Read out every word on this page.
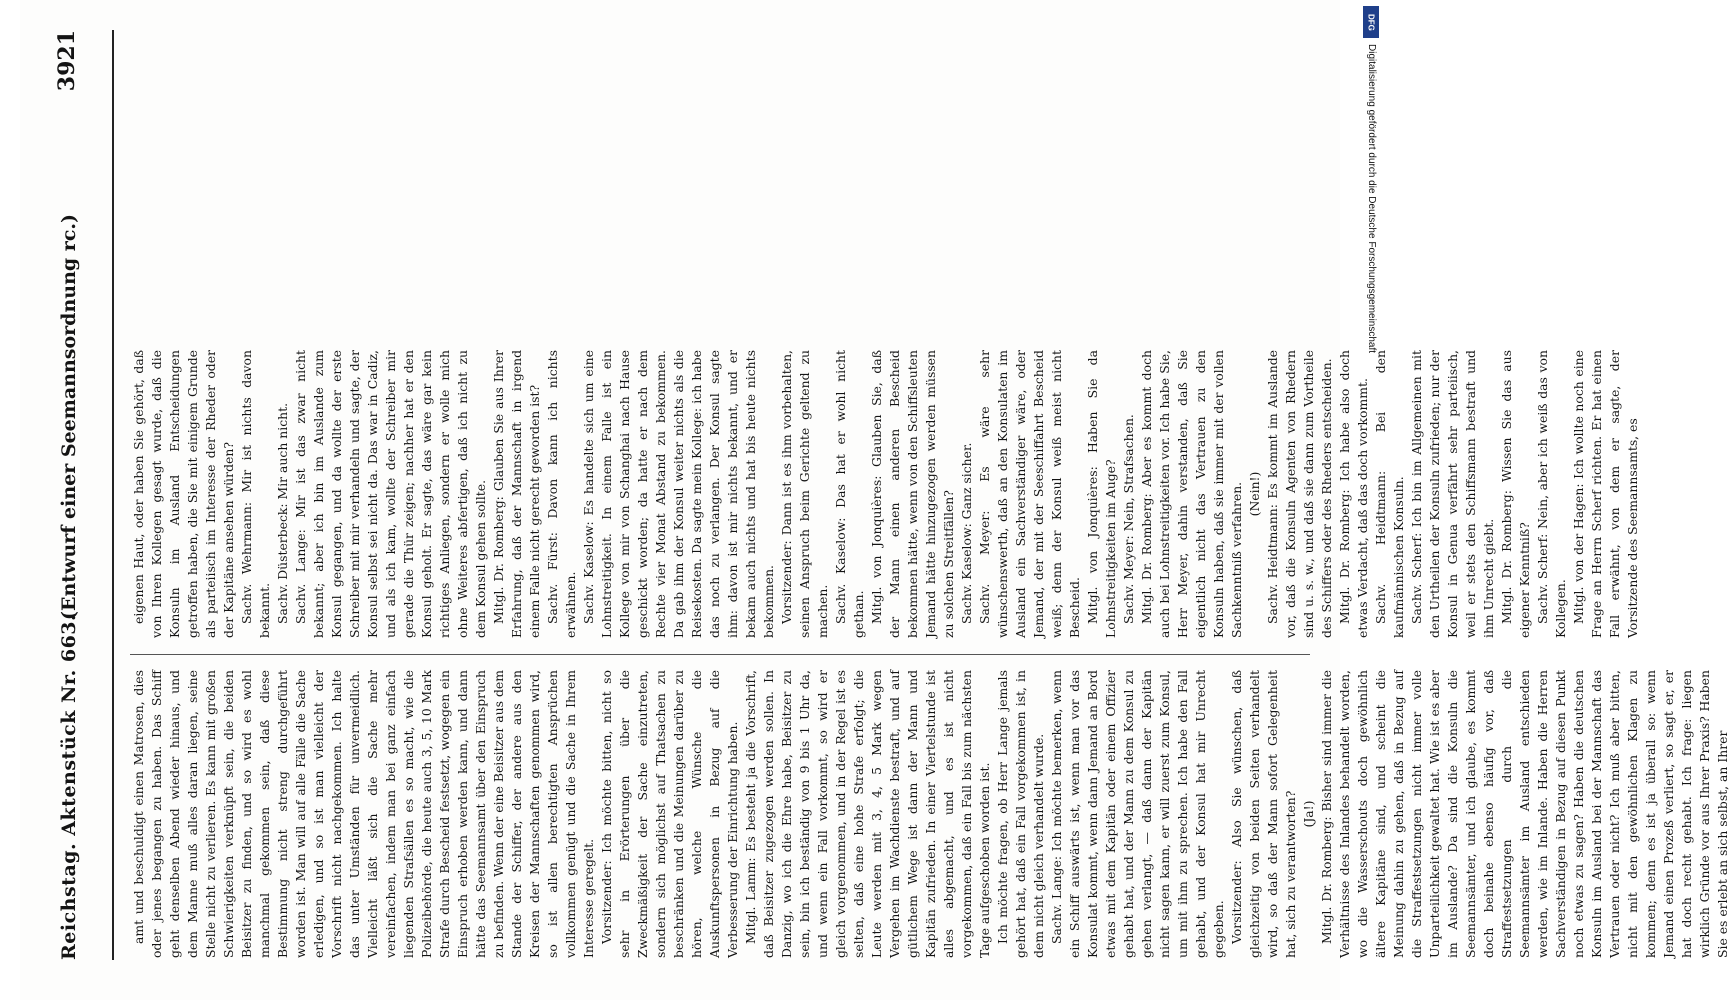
Reichstag. Aktenstück Nr. 663.
(Entwurf einer Seemannsordnung rc.)
3921

amt und beschuldigt einen Matrosen, dies oder jenes begangen zu haben. Das Schiff geht denselben Abend wieder hinaus, und dem Manne muß alles daran liegen, seine Stelle nicht zu verlieren. Es kann mit großen Schwierigkeiten verknüpft sein, die beiden Beisitzer zu finden, und so wird es wohl manchmal gekommen sein, daß diese Bestimmung nicht streng durchgeführt worden ist. Man will auf alle Fälle die Sache erledigen, und so ist man vielleicht der Vorschrift nicht nachgekommen. Ich halte das unter Umständen für unvermeidlich. Vielleicht läßt sich die Sache mehr vereinfachen, indem man bei ganz einfach liegenden Strafsällen es so macht, wie die Polizeibehörde, die heute auch 3, 5, 10 Mark Strafe durch Bescheid festsetzt, wogegen ein Einspruch erhoben werden kann, und dann hätte das Seemannsamt über den Einspruch zu befinden. Wenn der eine Beisitzer aus dem Stande der Schiffer, der andere aus den Kreisen der Mannschaften genommen wird, so ist allen berechtigten Ansprüchen vollkommen genügt und die Sache in Ihrem Interesse geregelt. Vorsitzender: Ich möchte bitten, nicht so sehr in Erörterungen über die Zweckmäßigkeit der Sache einzutreten, sondern sich möglichst auf Thatsachen zu beschränken und die Meinungen darüber zu hören, welche Wünsche die Auskunftspersonen in Bezug auf die Verbesserung der Einrichtung haben. Mitgl. Lamm: Es besteht ja die Vorschrift, daß Beisitzer zugezogen werden sollen. In Danzig, wo ich die Ehre habe, Beisitzer zu sein, bin ich beständig von 9 bis 1 Uhr da, und wenn ein Fall vorkommt, so wird er gleich vorgenommen, und in der Regel ist es selten, daß eine hohe Strafe erfolgt; die Leute werden mit 3, 4, 5 Mark wegen Vergehen im Wachdienste bestraft, und auf gütlichem Wege ist dann der Mann und Kapitän zufrieden. In einer Viertelstunde ist alles abgemacht, und es ist nicht vorgekommen, daß ein Fall bis zum nächsten Tage aufgeschoben worden ist. Ich möchte fragen, ob Herr Lange jemals gehört hat, daß ein Fall vorgekommen ist, in dem nicht gleich verhandelt wurde. Sachv. Lange: Ich möchte bemerken, wenn ein Schiff auswärts ist, wenn man vor das Konsulat kommt, wenn dann Jemand an Bord etwas mit dem Kapitän oder einem Offizier gehabt hat, und der Mann zu dem Konsul zu gehen verlangt, — daß dann der Kapitän nicht sagen kann, er will zuerst zum Konsul, um mit ihm zu sprechen. Ich habe den Fall gehabt, und der Konsul hat mir Unrecht gegeben. Vorsitzender: Also Sie wünschen, daß gleichzeitig von beiden Seiten verhandelt wird, so daß der Mann sofort Gelegenheit hat, sich zu verantworten? (Ja!) Mitgl. Dr. Romberg: Bisher sind immer die Verhältnisse des Inlandes behandelt worden, wo die Wasserschouts doch gewöhnlich ältere Kapitäne sind, und scheint die Meinung dahin zu gehen, daß in Bezug auf die Straffestsetzungen nicht immer volle Unparteilichkeit gewaltet hat. Wie ist es aber im Auslande? Da sind die Konsuln die Seemannsämter, und ich glaube, es kommt doch beinahe ebenso häufig vor, daß Straffestsetzungen durch die Seemannsämter im Ausland entschieden werden, wie im Inlande. Haben die Herren Sachverständigen in Bezug auf diesen Punkt noch etwas zu sagen? Haben die deutschen Konsuln im Ausland bei der Mannschaft das Vertrauen oder nicht? Ich muß aber bitten, nicht mit den gewöhnlichen Klagen zu kommen; denn es ist ja überall so: wenn Jemand einen Prozeß verliert, so sagt er, er hat doch recht gehabt. Ich frage: liegen wirklich Gründe vor aus Ihrer Praxis? Haben Sie es erlebt an sich selbst, an Ihrer

eigenen Haut, oder haben Sie gehört, daß von Ihren Kollegen gesagt wurde, daß die Konsuln im Ausland Entscheidungen getroffen haben, die Sie mit einigem Grunde als parteiisch im Interesse der Rheder oder der Kapitäne ansehen würden? Sachv. Wehrmann: Mir ist nichts davon bekannt. Sachv. Düsterbeck: Mir auch nicht. Sachv. Lange: Mir ist das zwar nicht bekannt; aber ich bin im Auslande zum Konsul gegangen, und da wollte der erste Schreiber mit mir verhandeln und sagte, der Konsul selbst sei nicht da. Das war in Cadiz, und als ich kam, wollte der Schreiber mir gerade die Thür zeigen; nachher hat er den Konsul geholt. Er sagte, das wäre gar kein richtiges Anliegen, sondern er wolle mich ohne Weiteres abfertigen, daß ich nicht zu dem Konsul gehen sollte. Mitgl. Dr. Romberg: Glauben Sie aus Ihrer Erfahrung, daß der Mannschaft in irgend einem Falle nicht gerecht geworden ist? Sachv. Fürst: Davon kann ich nichts erwähnen. Sachv. Kaselow: Es handelte sich um eine Lohnstreitigkeit. In einem Falle ist ein Kollege von mir von Schanghai nach Hause geschickt worden; da hatte er nach dem Rechte vier Monat Abstand zu bekommen. Da gab ihm der Konsul weiter nichts als die Reisekosten. Da sagte mein Kollege: ich habe das noch zu verlangen. Der Konsul sagte ihm: davon ist mir nichts bekannt, und er bekam auch nichts und hat bis heute nichts bekommen. Vorsitzender: Dann ist es ihm vorbehalten, seinen Anspruch beim Gerichte geltend zu machen. Sachv. Kaselow: Das hat er wohl nicht gethan. Mitgl. von Jonquières: Glauben Sie, daß der Mann einen anderen Bescheid bekommen hätte, wenn von den Schiffsleuten Jemand hätte hinzugezogen werden müssen zu solchen Streitfällen? Sachv. Kaselow: Ganz sicher. Sachv. Meyer: Es wäre sehr wünschenswerth, daß an den Konsulaten im Ausland ein Sachverständiger wäre, oder Jemand, der mit der Seeschiffahrt Bescheid weiß; denn der Konsul weiß meist nicht Bescheid. Mitgl. von Jonquières: Haben Sie da Lohnstreitigkeiten im Auge? Sachv. Meyer: Nein, Strafsachen. Mitgl. Dr. Romberg: Aber es kommt doch auch bei Lohnstreitigkeiten vor. Ich habe Sie, Herr Meyer, dahin verstanden, daß Sie eigentlich nicht das Vertrauen zu den Konsuln haben, daß sie immer mit der vollen Sachkenntniß verfahren. (Nein!) Sachv. Heidtmann: Es kommt im Auslande vor, daß die Konsuln Agenten von Rhedern sind u. s. w., und daß sie dann zum Vortheile des Schiffers oder des Rheders entscheiden. Mitgl. Dr. Romberg: Ich habe also doch etwas Verdacht, daß das doch vorkommt. Sachv. Heidtmann: Bei den kaufmännischen Konsuln. Sachv. Scherf: Ich bin im Allgemeinen mit den Urtheilen der Konsuln zufrieden; nur der Konsul in Genua verfährt sehr parteiisch, weil er stets den Schiffsmann bestraft und ihm Unrecht giebt. Mitgl. Dr. Romberg: Wissen Sie das aus eigener Kenntniß? Sachv. Scherf: Nein, aber ich weiß das von Kollegen. Mitgl. von der Hagen: Ich wollte noch eine Frage an Herrn Scherf richten. Er hat einen Fall erwähnt, von dem er sagte, der Vorsitzende des Seemannsamts, es

DFG
Digitalisierung gefördert durch die Deutsche Forschungsgemeinschaft
